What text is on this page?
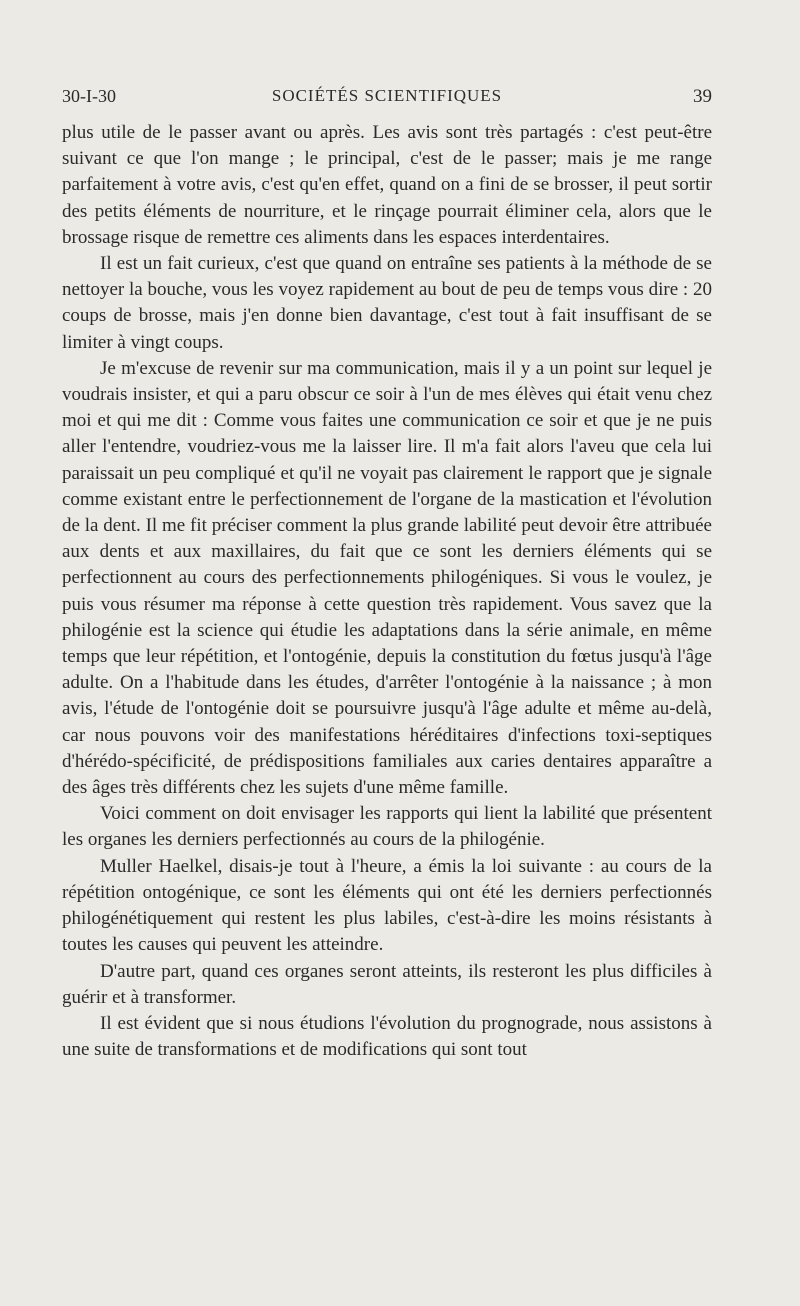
30-I-30	SOCIÉTÉS SCIENTIFIQUES	39

plus utile de le passer avant ou après. Les avis sont très partagés : c'est peut-être suivant ce que l'on mange ; le principal, c'est de le passer; mais je me range parfaitement à votre avis, c'est qu'en effet, quand on a fini de se brosser, il peut sortir des petits éléments de nourriture, et le rinçage pourrait éliminer cela, alors que le brossage risque de remettre ces aliments dans les espaces interdentaires.

Il est un fait curieux, c'est que quand on entraîne ses patients à la méthode de se nettoyer la bouche, vous les voyez rapidement au bout de peu de temps vous dire : 20 coups de brosse, mais j'en donne bien davantage, c'est tout à fait insuffisant de se limiter à vingt coups.

Je m'excuse de revenir sur ma communication, mais il y a un point sur lequel je voudrais insister, et qui a paru obscur ce soir à l'un de mes élèves qui était venu chez moi et qui me dit : Comme vous faites une communication ce soir et que je ne puis aller l'entendre, voudriez-vous me la laisser lire. Il m'a fait alors l'aveu que cela lui paraissait un peu compliqué et qu'il ne voyait pas clairement le rapport que je signale comme existant entre le perfectionnement de l'organe de la mastication et l'évolution de la dent. Il me fit préciser comment la plus grande labilité peut devoir être attribuée aux dents et aux maxillaires, du fait que ce sont les derniers éléments qui se perfectionnent au cours des perfectionnements philogéniques. Si vous le voulez, je puis vous résumer ma réponse à cette question très rapidement. Vous savez que la philogénie est la science qui étudie les adaptations dans la série animale, en même temps que leur répétition, et l'ontogénie, depuis la constitution du fœtus jusqu'à l'âge adulte. On a l'habitude dans les études, d'arrêter l'ontogénie à la naissance ; à mon avis, l'étude de l'ontogénie doit se poursuivre jusqu'à l'âge adulte et même au-delà, car nous pouvons voir des manifestations héréditaires d'infections toxi-septiques d'hérédo-spécificité, de prédispositions familiales aux caries dentaires apparaître a des âges très différents chez les sujets d'une même famille.

Voici comment on doit envisager les rapports qui lient la labilité que présentent les organes les derniers perfectionnés au cours de la philogénie.

Muller Haelkel, disais-je tout à l'heure, a émis la loi suivante : au cours de la répétition ontogénique, ce sont les éléments qui ont été les derniers perfectionnés philogénétiquement qui restent les plus labiles, c'est-à-dire les moins résistants à toutes les causes qui peuvent les atteindre.

D'autre part, quand ces organes seront atteints, ils resteront les plus difficiles à guérir et à transformer.

Il est évident que si nous étudions l'évolution du prognograde, nous assistons à une suite de transformations et de modifications qui sont tout
